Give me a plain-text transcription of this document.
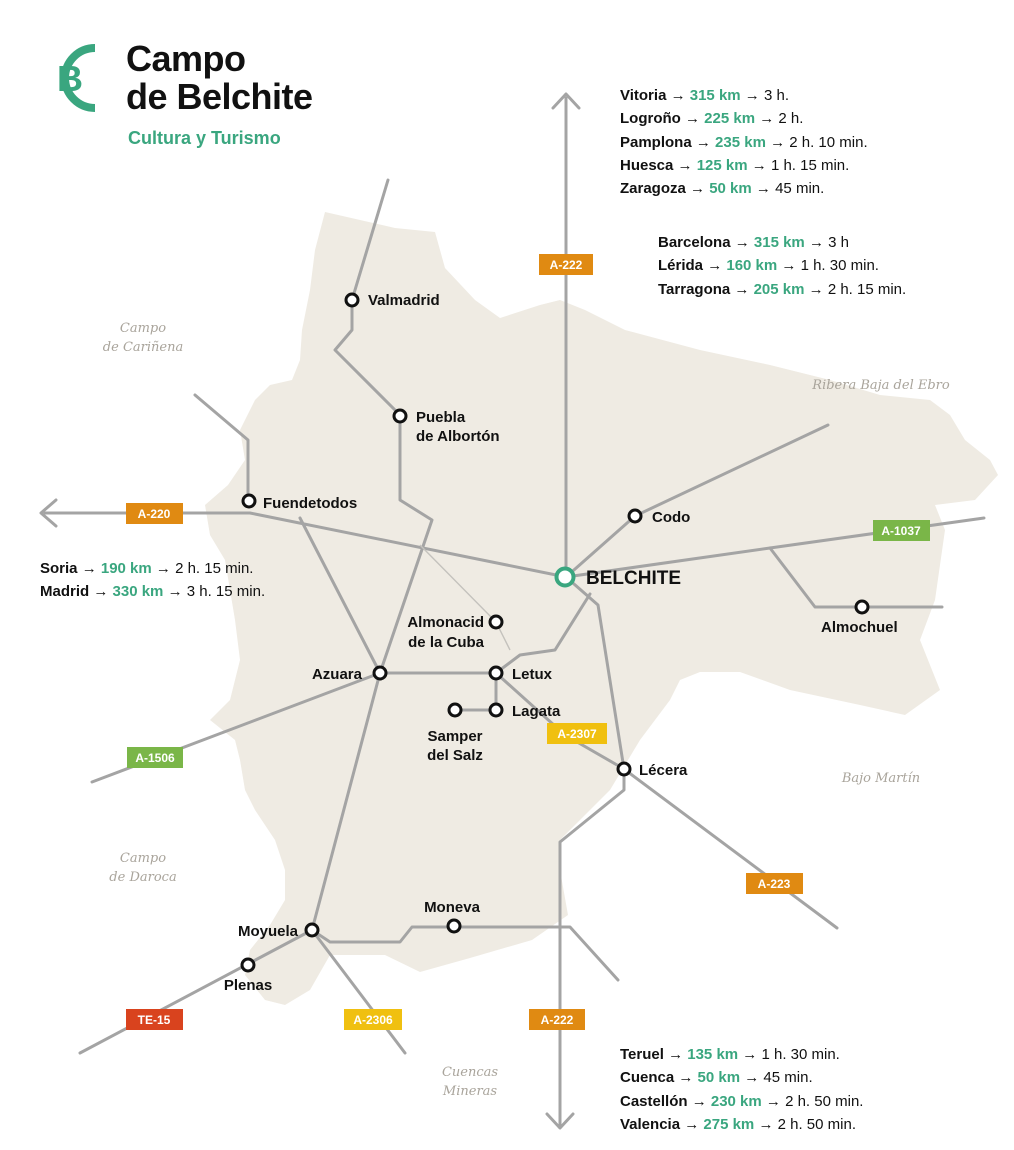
Campo
de Cariñena
Ribera Baja del Ebro
Bajo Martín
Campo
de Daroca
Cuencas
Mineras
A-222
A-220
A-1037
A-1506
A-2307
A-223
TE-15	A-2306	A-222
Valmadrid
Puebla
de Albortón
Fuendetodos
Codo
BELCHITE
Almochuel
Almonacid
de la Cuba
Azuara	Letux
Lagata
Samper
del Salz
Lécera
Moneva
Moyuela
Plenas
B Campo
de Belchite
Cultura y Turismo
Vitoria → 315 km → 3 h.
Logroño → 225 km → 2 h.
Pamplona → 235 km → 2 h. 10 min.
Huesca → 125 km → 1 h. 15 min.
Zaragoza → 50 km → 45 min.
Barcelona → 315 km → 3 h
Lérida → 160 km → 1 h. 30 min.
Tarragona → 205 km → 2 h. 15 min.
Soria → 190 km → 2 h. 15 min.
Madrid → 330 km → 3 h. 15 min.
Teruel → 135 km → 1 h. 30 min.
Cuenca → 50 km → 45 min.
Castellón → 230 km → 2 h. 50 min.
Valencia → 275 km → 2 h. 50 min.
